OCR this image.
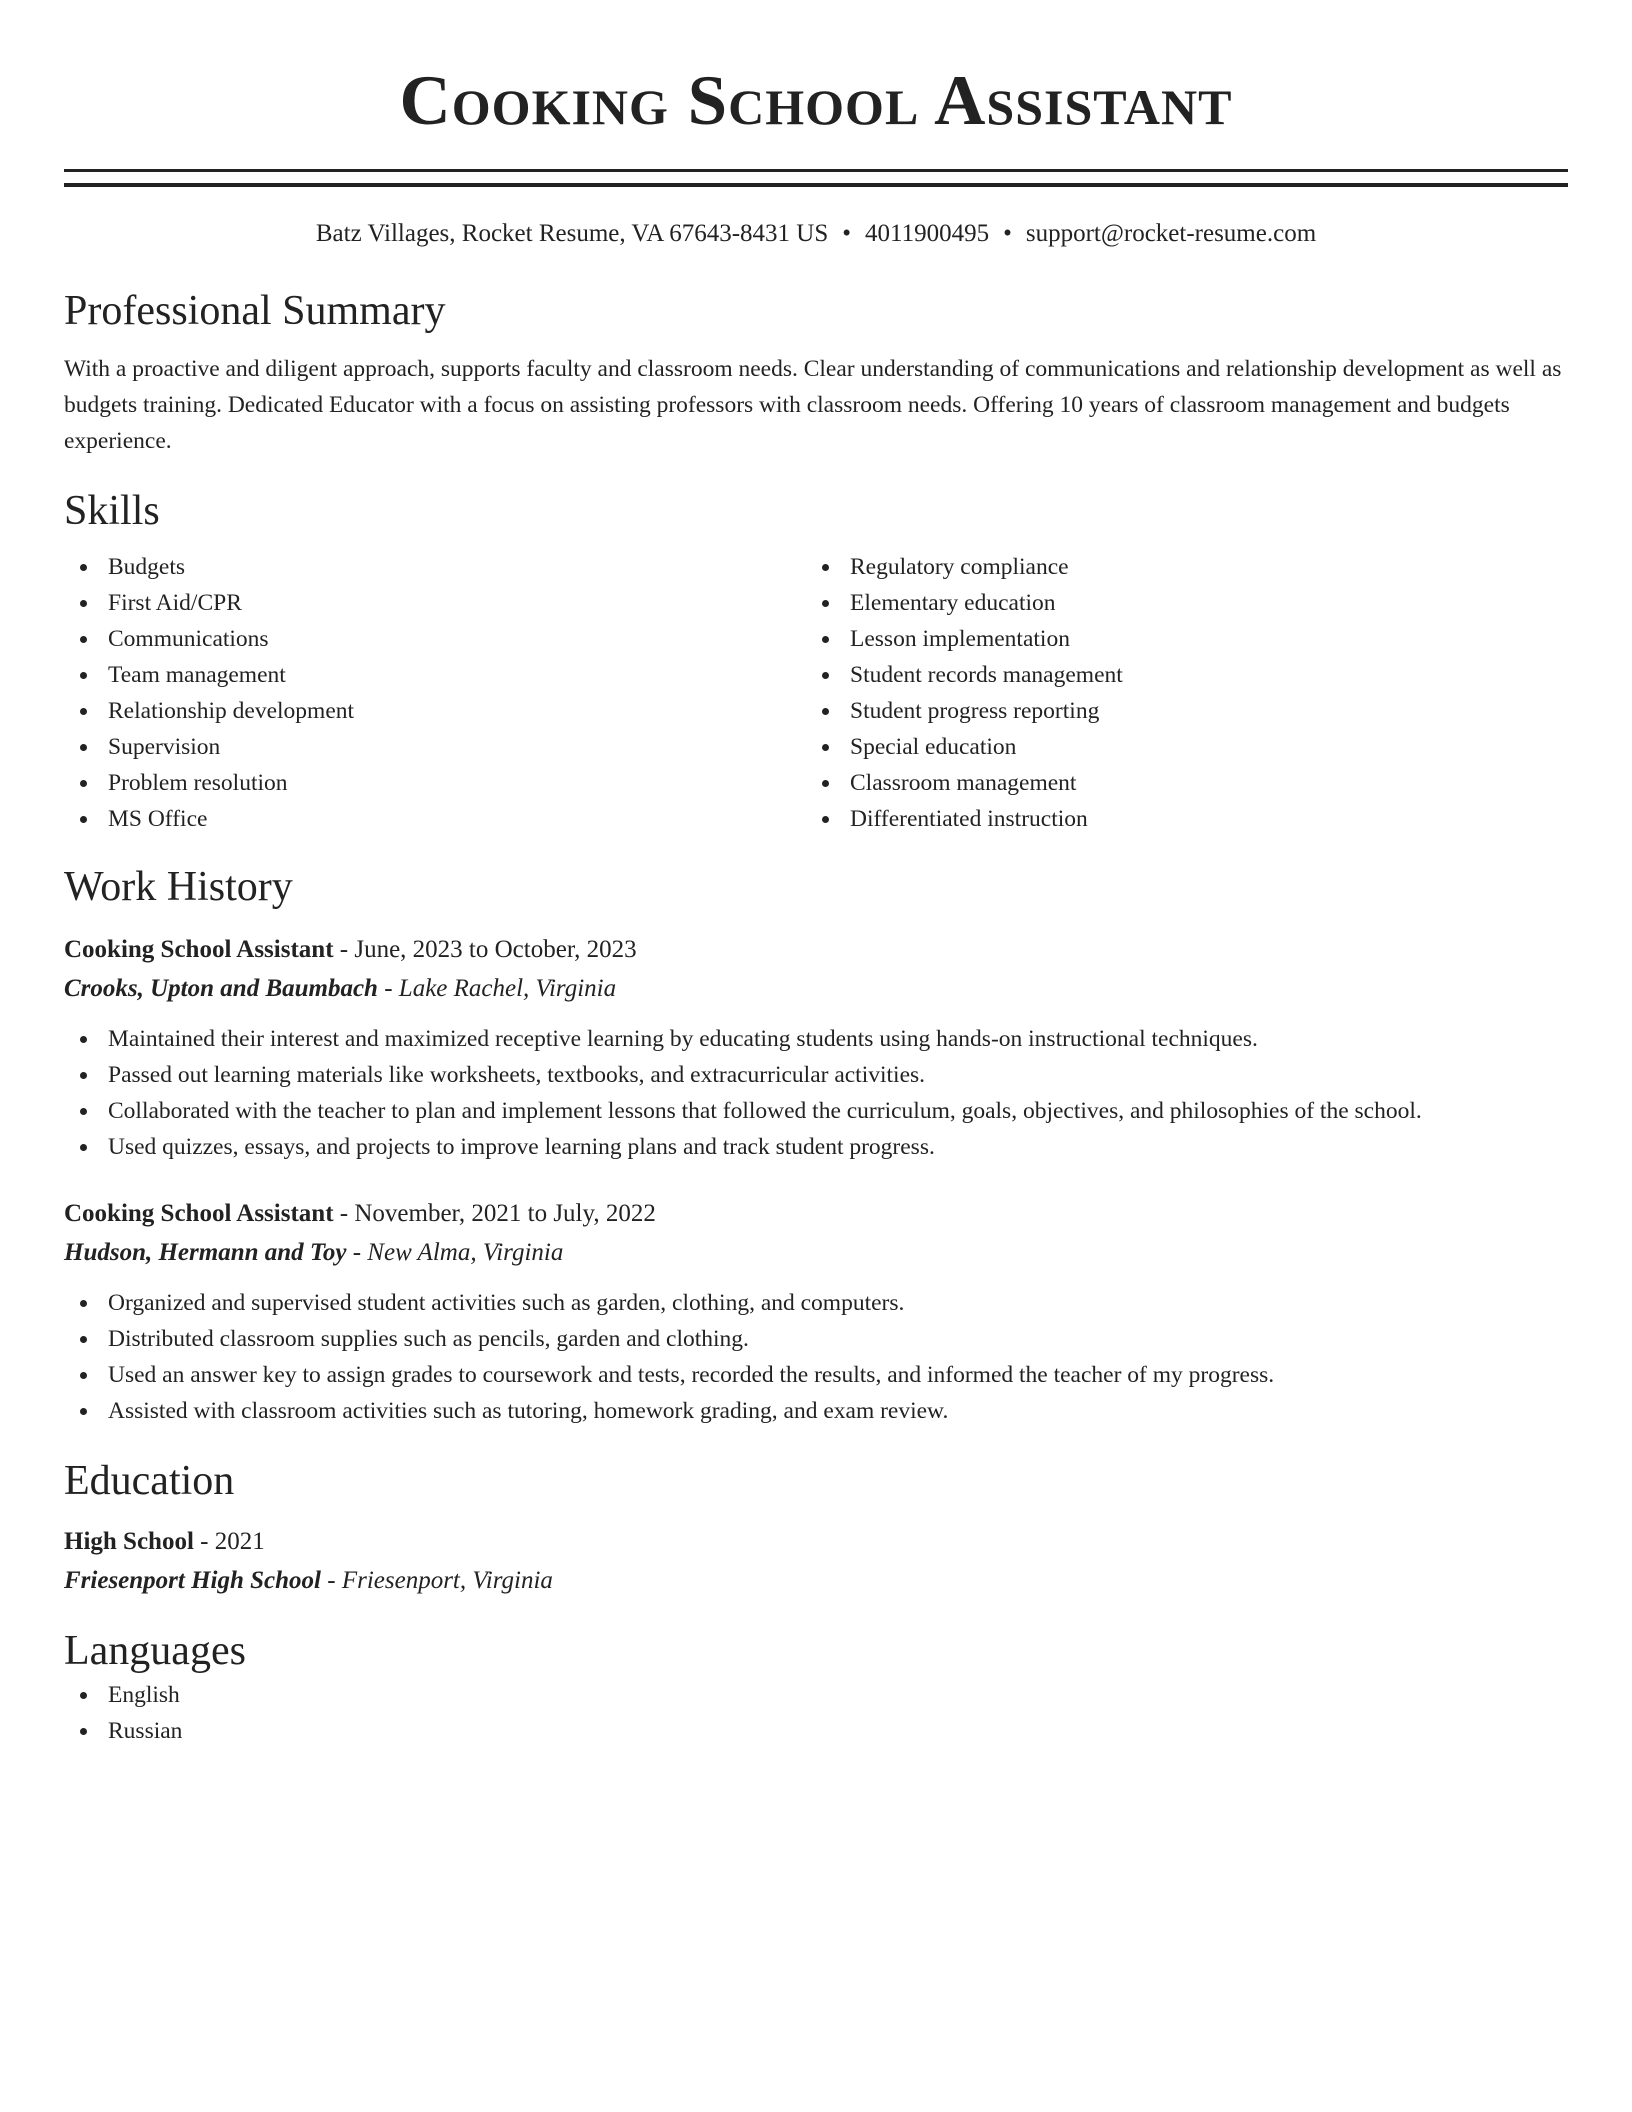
Cooking School Assistant
Batz Villages, Rocket Resume, VA 67643-8431 US • 4011900495 • support@rocket-resume.com
Professional Summary
With a proactive and diligent approach, supports faculty and classroom needs. Clear understanding of communications and relationship development as well as budgets training. Dedicated Educator with a focus on assisting professors with classroom needs. Offering 10 years of classroom management and budgets experience.
Skills
Budgets
First Aid/CPR
Communications
Team management
Relationship development
Supervision
Problem resolution
MS Office
Regulatory compliance
Elementary education
Lesson implementation
Student records management
Student progress reporting
Special education
Classroom management
Differentiated instruction
Work History
Cooking School Assistant - June, 2023 to October, 2023
Crooks, Upton and Baumbach - Lake Rachel, Virginia
Maintained their interest and maximized receptive learning by educating students using hands-on instructional techniques.
Passed out learning materials like worksheets, textbooks, and extracurricular activities.
Collaborated with the teacher to plan and implement lessons that followed the curriculum, goals, objectives, and philosophies of the school.
Used quizzes, essays, and projects to improve learning plans and track student progress.
Cooking School Assistant - November, 2021 to July, 2022
Hudson, Hermann and Toy - New Alma, Virginia
Organized and supervised student activities such as garden, clothing, and computers.
Distributed classroom supplies such as pencils, garden and clothing.
Used an answer key to assign grades to coursework and tests, recorded the results, and informed the teacher of my progress.
Assisted with classroom activities such as tutoring, homework grading, and exam review.
Education
High School - 2021
Friesenport High School - Friesenport, Virginia
Languages
English
Russian
